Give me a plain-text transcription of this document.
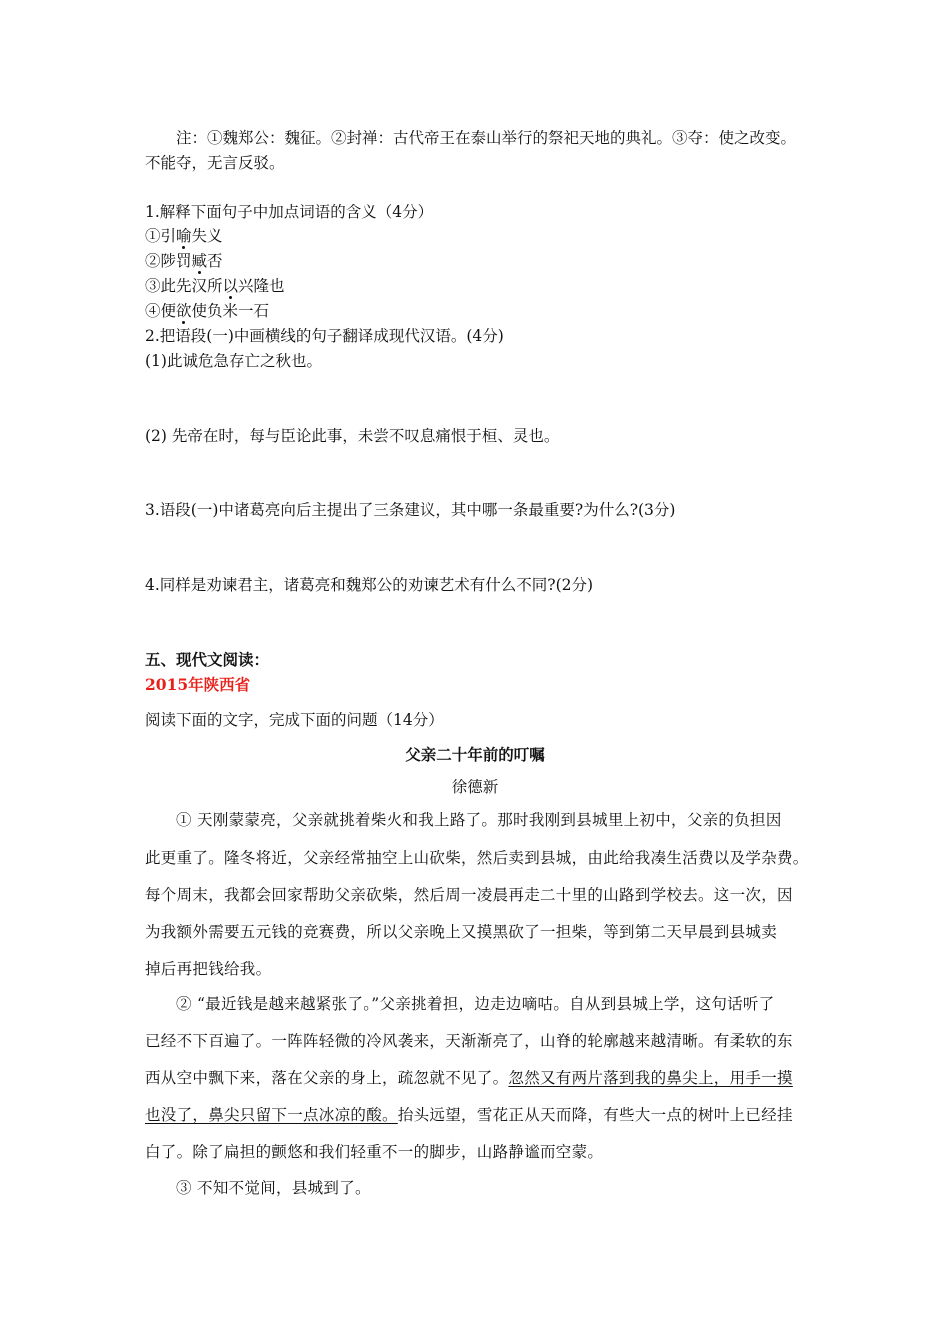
注：①魏郑公：魏征。②封禅：古代帝王在泰山举行的祭祀天地的典礼。③夺：使之改变。
不能夺，无言反驳。
1.解释下面句子中加点词语的含义（4分）
①引喻失义
②陟罚臧否
③此先汉所以兴隆也
④便欲使负米一石
2.把语段(一)中画横线的句子翻译成现代汉语。(4分)
(1)此诚危急存亡之秋也。
(2) 先帝在时，每与臣论此事，未尝不叹息痛恨于桓、灵也。
3.语段(一)中诸葛亮向后主提出了三条建议，其中哪一条最重要?为什么?(3分)
4.同样是劝谏君主，诸葛亮和魏郑公的劝谏艺术有什么不同?(2分)
五、现代文阅读：
2015年陕西省
阅读下面的文字，完成下面的问题（14分）
父亲二十年前的叮嘱
徐德新
① 天刚蒙蒙亮，父亲就挑着柴火和我上路了。那时我刚到县城里上初中，父亲的负担因
此更重了。隆冬将近，父亲经常抽空上山砍柴，然后卖到县城，由此给我凑生活费以及学杂费。
每个周末，我都会回家帮助父亲砍柴，然后周一凌晨再走二十里的山路到学校去。这一次，因
为我额外需要五元钱的竞赛费，所以父亲晚上又摸黑砍了一担柴，等到第二天早晨到县城卖
掉后再把钱给我。
② “最近钱是越来越紧张了。”父亲挑着担，边走边嘀咕。自从到县城上学，这句话听了
已经不下百遍了。一阵阵轻微的冷风袭来，天渐渐亮了，山脊的轮廓越来越清晰。有柔软的东
西从空中飘下来，落在父亲的身上，疏忽就不见了。忽然又有两片落到我的鼻尖上，用手一摸
也没了，鼻尖只留下一点冰凉的酸。抬头远望，雪花正从天而降，有些大一点的树叶上已经挂
白了。除了扁担的颤悠和我们轻重不一的脚步，山路静谧而空蒙。
③ 不知不觉间，县城到了。
